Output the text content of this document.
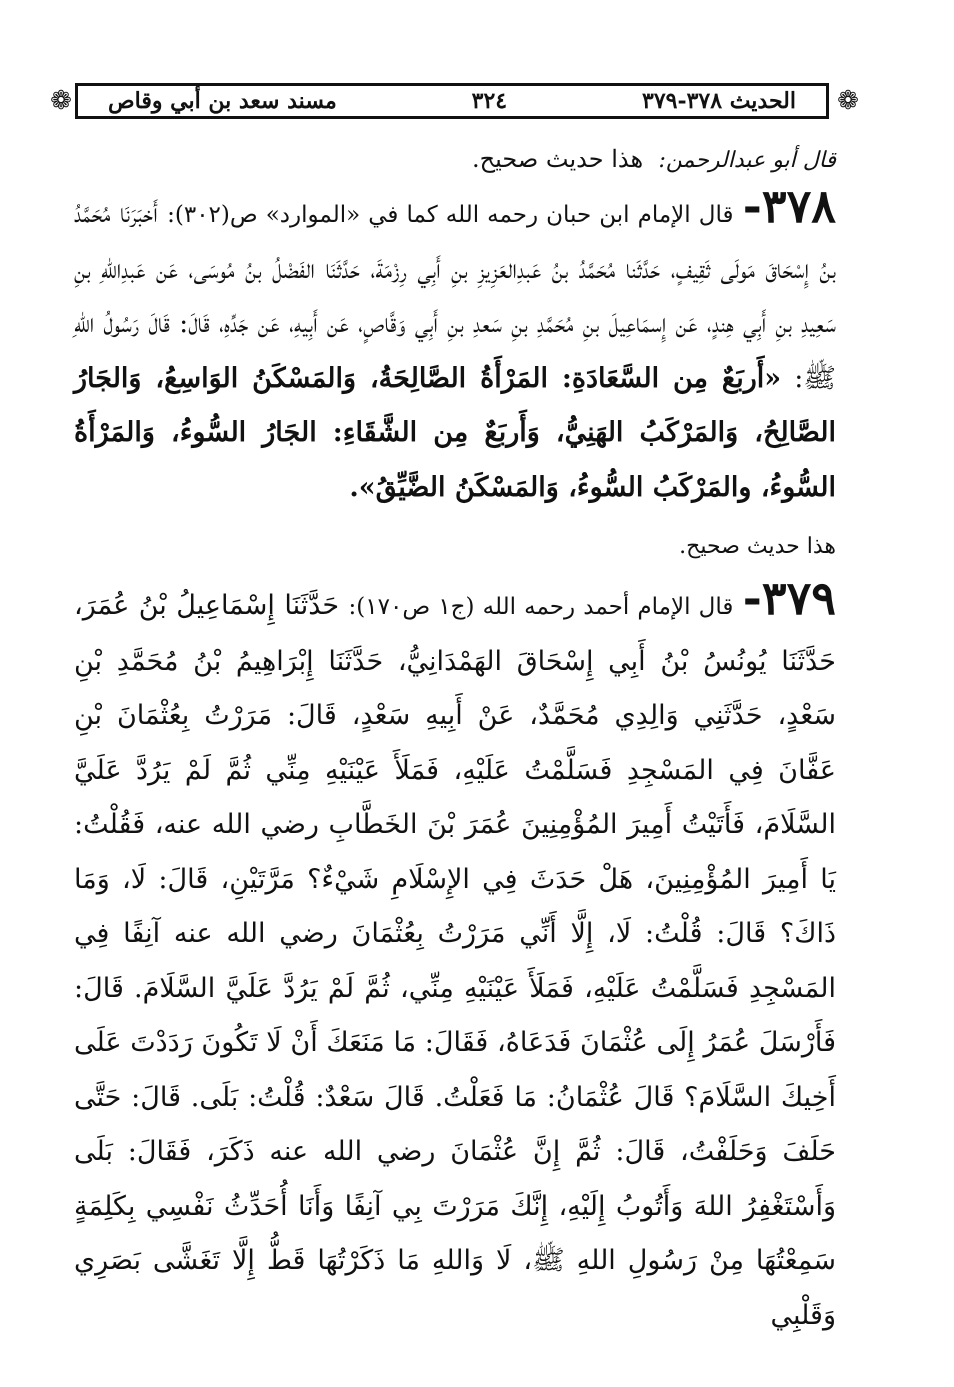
❁	الحديث ٣٧٨-٣٧٩
٣٢٤
مسند سعد بن أبي وقاص	❁
قال أبو عبدالرحمن: هذا حديث صحيح.

٣٧٨- قال الإمام ابن حبان رحمه الله كما في «الموارد» ص(٣٠٢): أَخبَرَنَا مُحَمَّدُ بنُ إِسْحَاقَ مَولَى ثَقِيفٍ، حَدَّثَنا مُحَمَّدُ بنُ عَبدِالعَزِيزِ بنِ أَبِي رِزْمَةَ، حَدَّثَنَا الفَضْلُ بنُ مُوسَى، عَن عَبدِاللهِ بنِ سَعِيدِ بنِ أَبِي هِندٍ، عَن إِسمَاعِيلَ بنِ مُحَمَّدِ بنِ سَعدِ بنِ أَبِي وَقَّاصٍ، عَن أَبِيهِ، عَن جَدِّهِ، قَالَ: قَالَ رَسُولُ اللهِ ﷺ: «أَربَعٌ مِن السَّعَادَةِ: المَرْأَةُ الصَّالِحَةُ، وَالمَسْكَنُ الوَاسِعُ، وَالجَارُ الصَّالِحُ، وَالمَرْكَبُ الهَنِيُّ، وَأَربَعٌ مِن الشَّقَاءِ: الجَارُ السُّوءُ، وَالمَرْأَةُ السُّوءُ، والمَرْكَبُ السُّوءُ، وَالمَسْكَنُ الضَّيِّقُ».

هذا حديث صحيح.

٣٧٩- قال الإمام أحمد رحمه الله (ج١ ص١٧٠): حَدَّثَنَا إِسْمَاعِيلُ بْنُ عُمَرَ، حَدَّثَنَا يُونُسُ بْنُ أَبِي إِسْحَاقَ الهَمْدَانِيُّ، حَدَّثَنَا إِبْرَاهِيمُ بْنُ مُحَمَّدِ بْنِ سَعْدٍ، حَدَّثَنِي وَالِدِي مُحَمَّدٌ، عَنْ أَبِيهِ سَعْدٍ، قَالَ: مَرَرْتُ بِعُثْمَانَ بْنِ عَفَّانَ فِي المَسْجِدِ فَسَلَّمْتُ عَلَيْهِ، فَمَلَأَ عَيْنَيْهِ مِنِّي ثُمَّ لَمْ يَرُدَّ عَلَيَّ السَّلَامَ، فَأَتَيْتُ أَمِيرَ المُؤْمِنِينَ عُمَرَ بْنَ الخَطَّابِ رضي الله عنه، فَقُلْتُ: يَا أَمِيرَ المُؤْمِنِينَ، هَلْ حَدَثَ فِي الإِسْلَامِ شَيْءٌ؟ مَرَّتَيْنِ، قَالَ: لَا، وَمَا ذَاكَ؟ قَالَ: قُلْتُ: لَا، إِلَّا أَنِّي مَرَرْتُ بِعُثْمَانَ رضي الله عنه آنِفًا فِي المَسْجِدِ فَسَلَّمْتُ عَلَيْهِ، فَمَلَأَ عَيْنَيْهِ مِنِّي، ثُمَّ لَمْ يَرُدَّ عَلَيَّ السَّلَامَ. قَالَ: فَأَرْسَلَ عُمَرُ إِلَى عُثْمَانَ فَدَعَاهُ، فَقَالَ: مَا مَنَعَكَ أَنْ لَا تَكُونَ رَدَدْتَ عَلَى أَخِيكَ السَّلَامَ؟ قَالَ عُثْمَانُ: مَا فَعَلْتُ. قَالَ سَعْدٌ: قُلْتُ: بَلَى. قَالَ: حَتَّى حَلَفَ وَحَلَفْتُ، قَالَ: ثُمَّ إِنَّ عُثْمَانَ رضي الله عنه ذَكَرَ، فَقَالَ: بَلَى وَأَسْتَغْفِرُ اللهَ وَأَتُوبُ إِلَيْهِ، إِنَّكَ مَرَرْتَ بِي آنِفًا وَأَنَا أُحَدِّثُ نَفْسِي بِكَلِمَةٍ سَمِعْتُهَا مِنْ رَسُولِ اللهِ ﷺ، لَا وَاللهِ مَا ذَكَرْتُهَا قَطُّ إِلَّا تَغَشَّى بَصَرِي وَقَلْبِي
